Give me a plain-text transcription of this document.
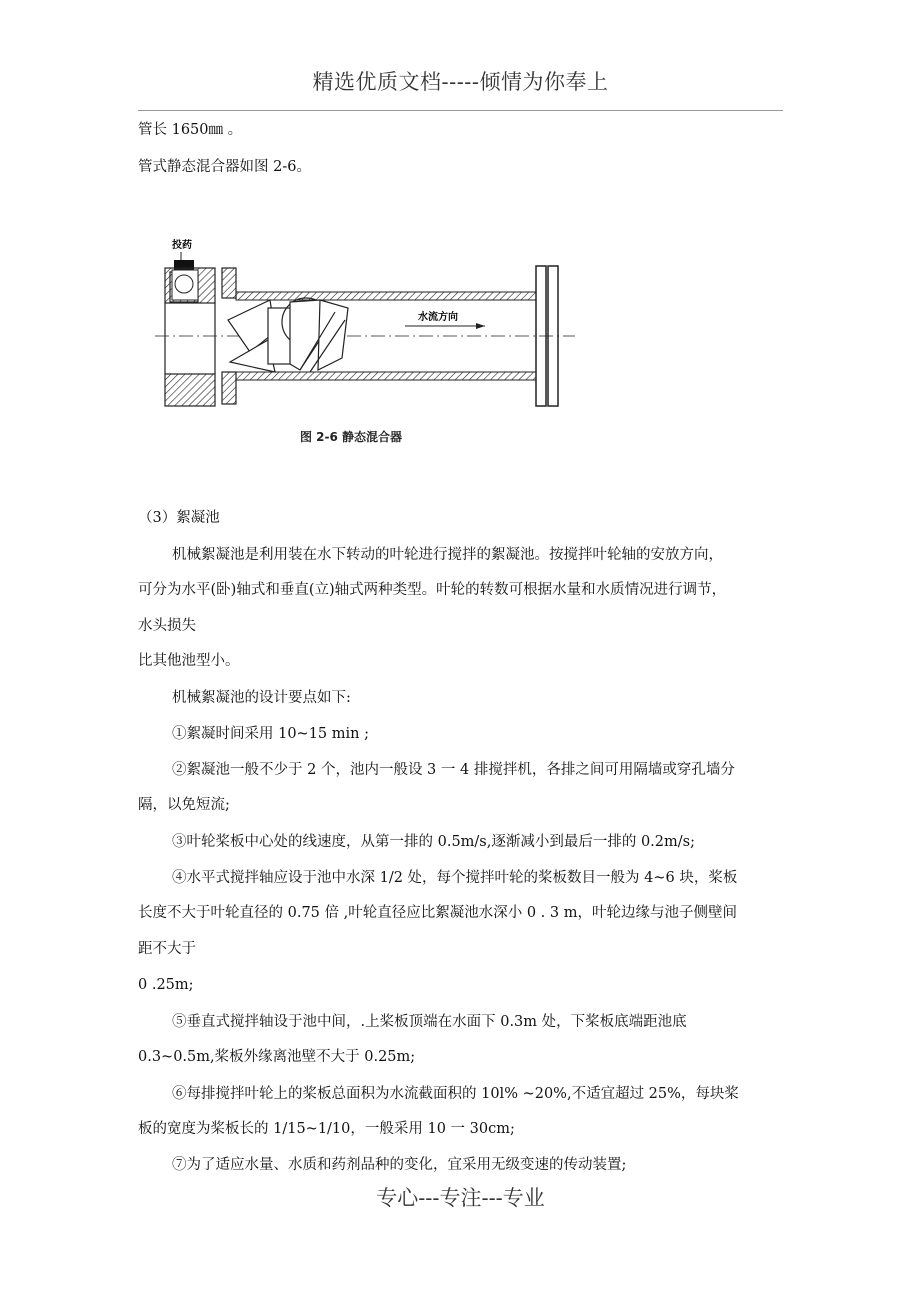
精选优质文档-----倾情为你奉上
管长 1650㎜ 。
管式静态混合器如图 2-6。
投药
水流方向
图 2-6 静态混合器
（3）絮凝池
机械絮凝池是利用装在水下转动的叶轮进行搅拌的絮凝池。按搅拌叶轮轴的安放方向，
可分为水平(卧)轴式和垂直(立)轴式两种类型。叶轮的转数可根据水量和水质情况进行调节，
水头损失
比其他池型小。
机械絮凝池的设计要点如下:
①絮凝时间采用 10~15 min ;
②絮凝池一般不少于 2 个，池内一般设 3 一 4 排搅拌机，各排之间可用隔墙或穿孔墙分
隔，以免短流;
③叶轮桨板中心处的线速度，从第一排的 0.5m/s,逐渐减小到最后一排的 0.2m/s;
④水平式搅拌轴应设于池中水深 1/2 处，每个搅拌叶轮的桨板数目一般为 4~6 块，桨板
长度不大于叶轮直径的 0.75 倍 ,叶轮直径应比絮凝池水深小 0 . 3 m，叶轮边缘与池子侧壁间
距不大于
0 .25m;
⑤垂直式搅拌轴设于池中间，.上桨板顶端在水面下 0.3m 处，下桨板底端距池底
0.3~0.5m,桨板外缘离池壁不大于 0.25m;
⑥每排搅拌叶轮上的桨板总面积为水流截面积的 10l% ~20%,不适宜超过 25%，每块桨
板的宽度为桨板长的 1/15~1/10，一般采用 10 一 30cm;
⑦为了适应水量、水质和药剂品种的变化，宜采用无级变速的传动装置;
专心---专注---专业
